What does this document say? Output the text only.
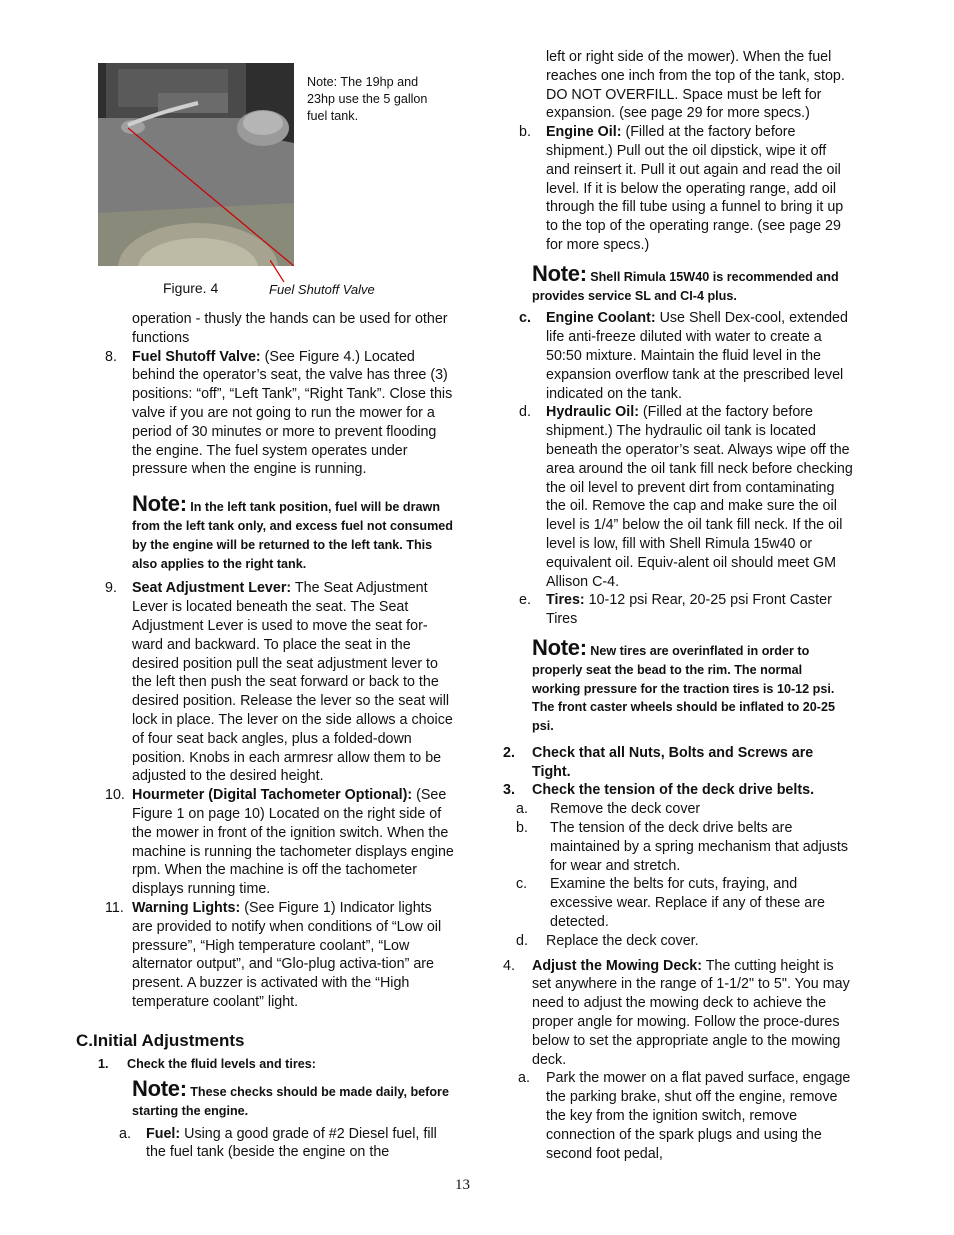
Note: The 19hp and 23hp use the 5 gallon fuel tank.
Figure. 4	Fuel Shutoff Valve

operation - thusly the hands can be used for other functions

8. Fuel Shutoff Valve: (See Figure 4.) Located behind the operator’s seat, the valve has three (3) positions: “off”, “Left Tank”, “Right Tank”. Close this valve if you are not going to run the mower for a period of 30 minutes or more to prevent flooding the engine. The fuel system operates under pressure when the engine is running.
Note: In the left tank position, fuel will be drawn from the left tank only, and excess fuel not consumed by the engine will be returned to the left tank. This also applies to the right tank.
9. Seat Adjustment Lever: The Seat Adjustment Lever is located beneath the seat. The Seat Adjustment Lever is used to move the seat for-ward and backward. To place the seat in the desired position pull the seat adjustment lever to the left then push the seat forward or back to the desired position. Release the lever so the seat will lock in place. The lever on the side allows a choice of four seat back angles, plus a folded-down position. Knobs in each armresr allow them to be adjusted to the desired height.
10. Hourmeter (Digital Tachometer Optional): (See Figure 1 on page 10) Located on the right side of the mower in front of the ignition switch. When the machine is running the tachometer displays engine rpm. When the machine is off the tachometer displays running time.
11. Warning Lights: (See Figure 1) Indicator lights are provided to notify when conditions of “Low oil pressure”, “High temperature coolant”, “Low alternator output”, and “Glo-plug activa-tion” are present. A buzzer is activated with the “High temperature coolant” light.
C.Initial Adjustments
1. Check the fluid levels and tires:
Note: These checks should be made daily, before starting the engine.
a. Fuel: Using a good grade of #2 Diesel fuel, fill the fuel tank (beside the engine on the

left or right side of the mower). When the fuel reaches one inch from the top of the tank, stop. DO NOT OVERFILL. Space must be left for expansion. (see page 29 for more specs.)

b. Engine Oil: (Filled at the factory before shipment.) Pull out the oil dipstick, wipe it off and reinsert it. Pull it out again and read the oil level. If it is below the operating range, add oil through the fill tube using a funnel to bring it up to the top of the operating range. (see page 29 for more specs.)
Note: Shell Rimula 15W40 is recommended and provides service SL and CI-4 plus.
c. Engine Coolant: Use Shell Dex-cool, extended life anti-freeze diluted with water to create a 50:50 mixture. Maintain the fluid level in the expansion overflow tank at the prescribed level indicated on the tank.
d. Hydraulic Oil: (Filled at the factory before shipment.) The hydraulic oil tank is located beneath the operator’s seat. Always wipe off the area around the oil tank fill neck before checking the oil level to prevent dirt from contaminating the oil. Remove the cap and make sure the oil level is 1/4” below the oil tank fill neck. If the oil level is low, fill with Shell Rimula 15w40 or equivalent oil. Equiv-alent oil should meet GM Allison C-4.
e. Tires: 10-12 psi Rear, 20-25 psi Front Caster Tires
Note: New tires are overinflated in order to properly seat the bead to the rim. The normal working pressure for the traction tires is 10-12 psi. The front caster wheels should be inflated to 20-25 psi.
2. Check that all Nuts, Bolts and Screws are Tight.
3. Check the tension of the deck drive belts.
a. Remove the deck cover
b. The tension of the deck drive belts are maintained by a spring mechanism that adjusts for wear and stretch.
c. Examine the belts for cuts, fraying, and excessive wear. Replace if any of these are detected.
d. Replace the deck cover.
4. Adjust the Mowing Deck: The cutting height is set anywhere in the range of 1-1/2" to 5". You may need to adjust the mowing deck to achieve the proper angle for mowing. Follow the proce-dures below to set the appropriate angle to the mowing deck.
a. Park the mower on a flat paved surface, engage the parking brake, shut off the engine, remove the key from the ignition switch, remove connection of the spark plugs and using the second foot pedal,
13
